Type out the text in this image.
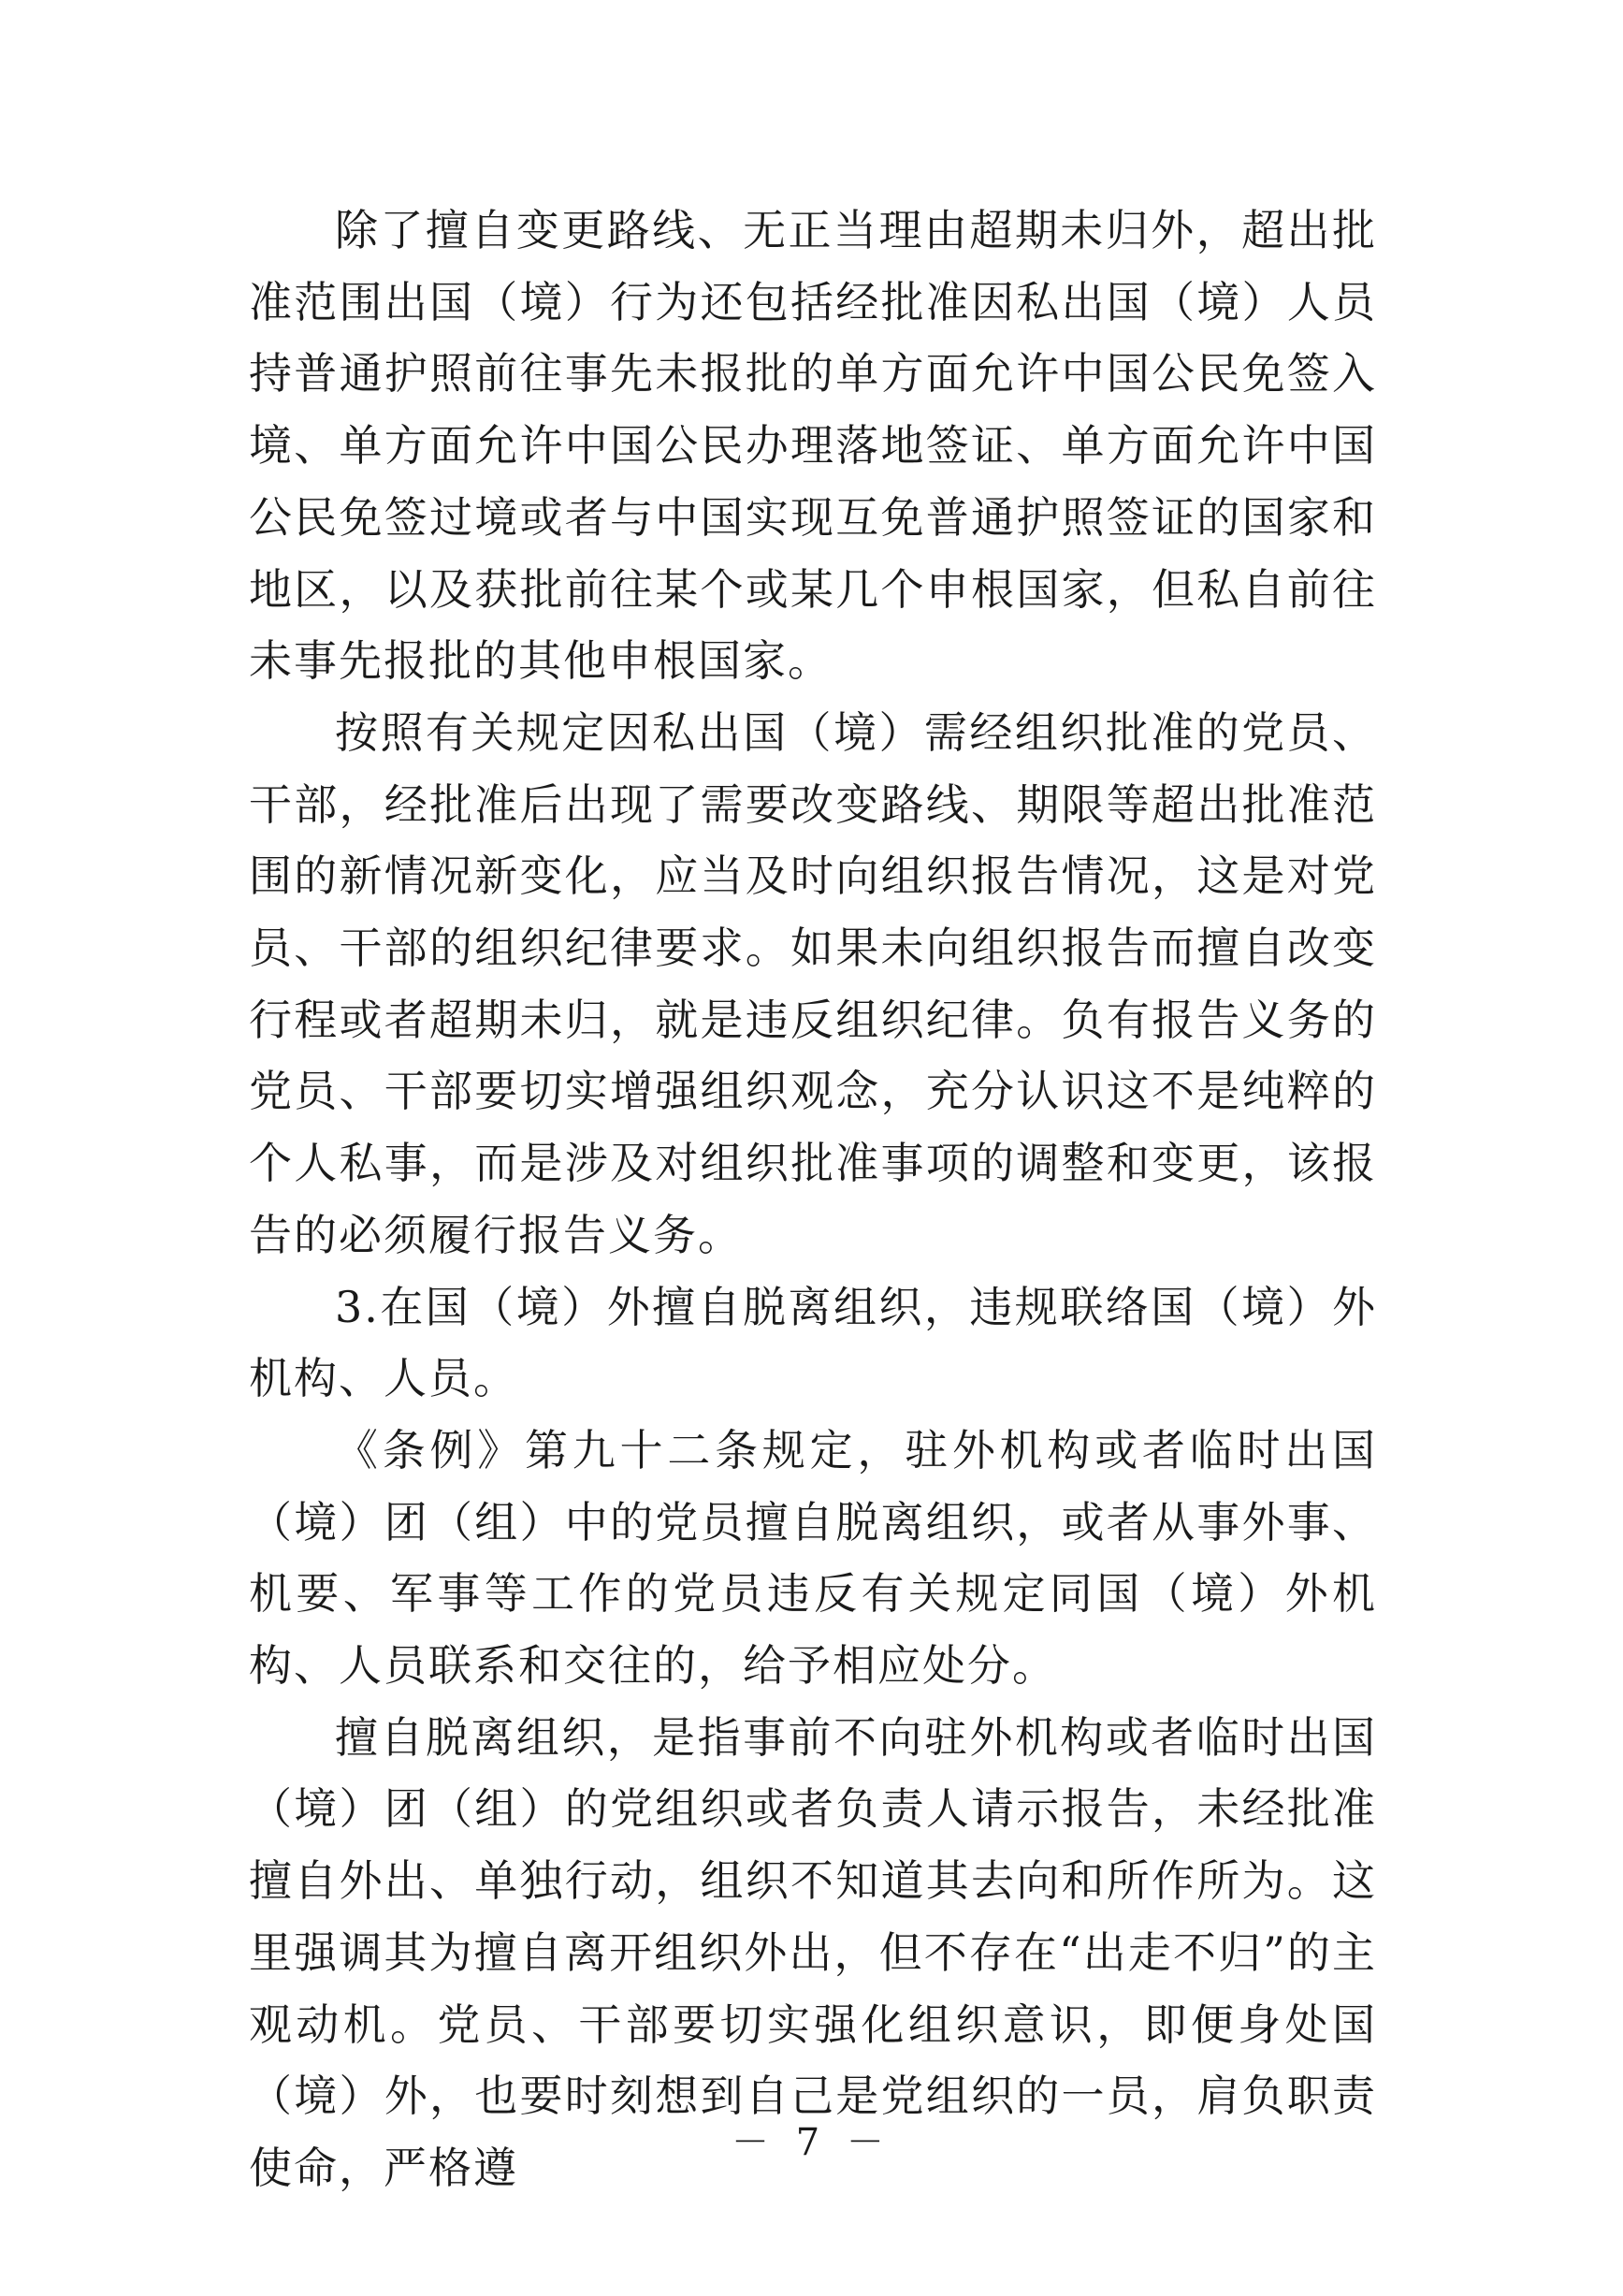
除了擅自变更路线、无正当理由超期未归外，超出批准范围出国（境）行为还包括经批准因私出国（境）人员持普通护照前往事先未报批的单方面允许中国公民免签入境、单方面允许中国公民办理落地签证、单方面允许中国公民免签过境或者与中国实现互免普通护照签证的国家和地区，以及获批前往某个或某几个申根国家，但私自前往未事先报批的其他申根国家。

按照有关规定因私出国（境）需经组织批准的党员、干部，经批准后出现了需要改变路线、期限等超出批准范围的新情况新变化，应当及时向组织报告情况，这是对党员、干部的组织纪律要求。如果未向组织报告而擅自改变行程或者超期未归，就是违反组织纪律。负有报告义务的党员、干部要切实增强组织观念，充分认识这不是纯粹的个人私事，而是涉及对组织批准事项的调整和变更，该报告的必须履行报告义务。

3.在国（境）外擅自脱离组织，违规联络国（境）外机构、人员。

《条例》第九十二条规定，驻外机构或者临时出国（境）团（组）中的党员擅自脱离组织，或者从事外事、机要、军事等工作的党员违反有关规定同国（境）外机构、人员联系和交往的，给予相应处分。

擅自脱离组织，是指事前不向驻外机构或者临时出国（境）团（组）的党组织或者负责人请示报告，未经批准擅自外出、单独行动，组织不知道其去向和所作所为。这里强调其为擅自离开组织外出，但不存在“出走不归”的主观动机。党员、干部要切实强化组织意识，即便身处国（境）外，也要时刻想到自己是党组织的一员，肩负职责使命，严格遵	－ 7 －
